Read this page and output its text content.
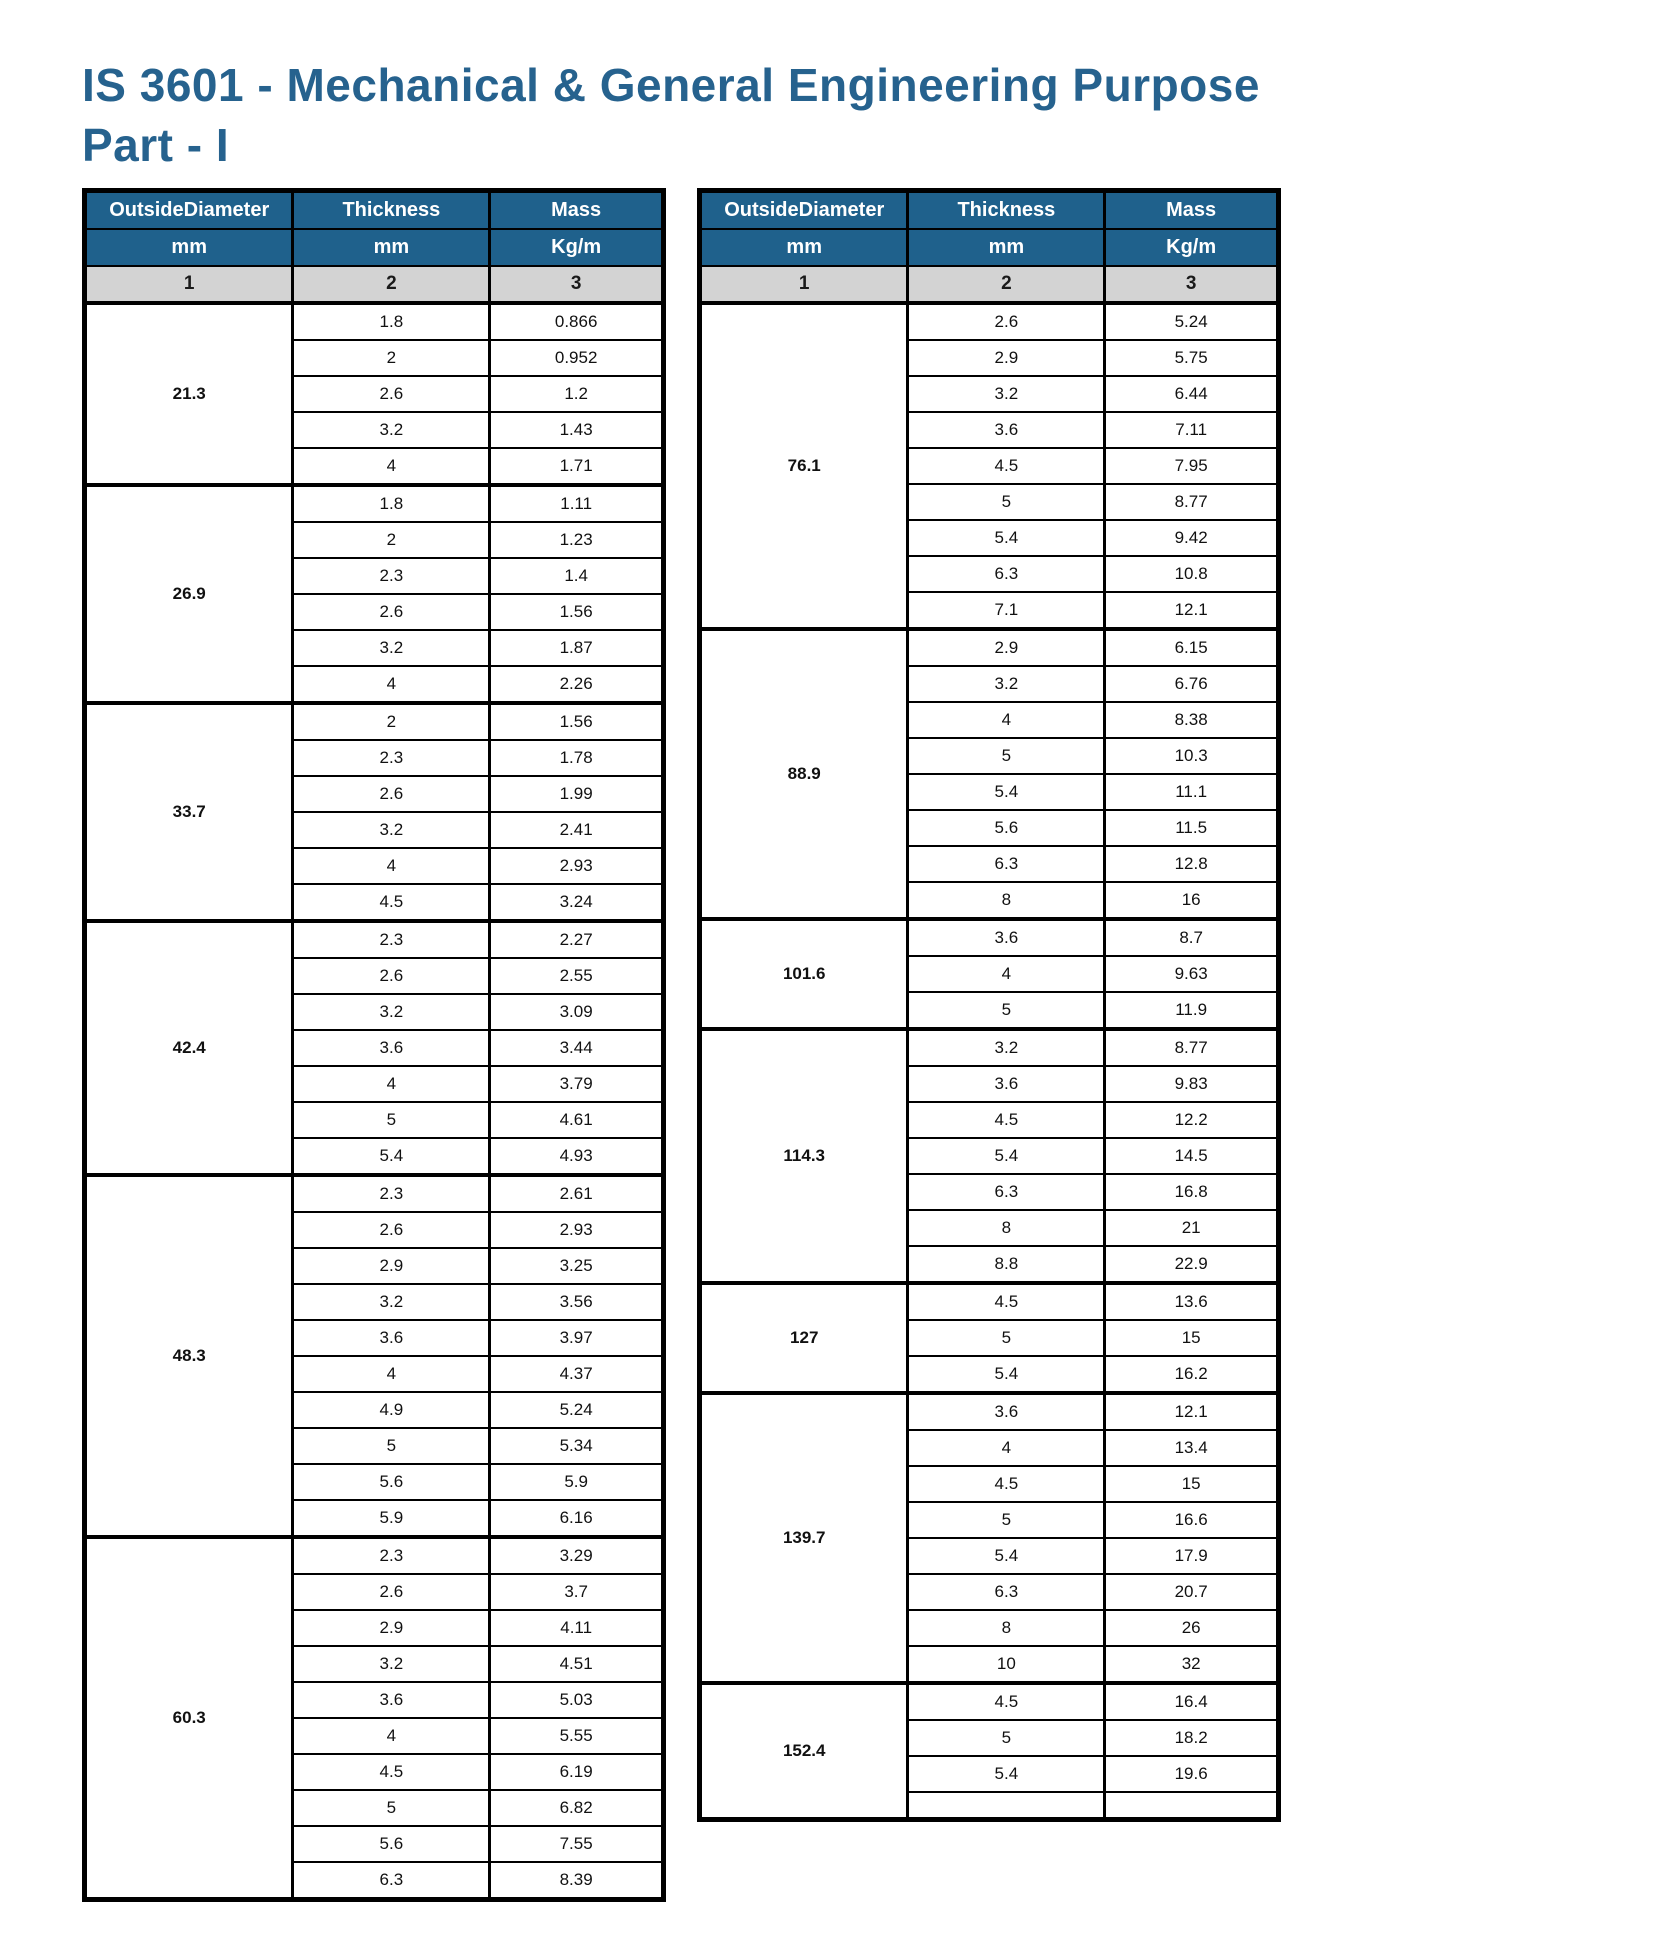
IS 3601 - Mechanical & General Engineering Purpose
Part - I
OutsideDiameter	Thickness	Mass
mm	mm	Kg/m
1	2	3
21.3	1.8	0.866
	2	0.952
	2.6	1.2
	3.2	1.43
	4	1.71
26.9	1.8	1.11
	2	1.23
	2.3	1.4
	2.6	1.56
	3.2	1.87
	4	2.26
33.7	2	1.56
	2.3	1.78
	2.6	1.99
	3.2	2.41
	4	2.93
	4.5	3.24
42.4	2.3	2.27
	2.6	2.55
	3.2	3.09
	3.6	3.44
	4	3.79
	5	4.61
	5.4	4.93
48.3	2.3	2.61
	2.6	2.93
	2.9	3.25
	3.2	3.56
	3.6	3.97
	4	4.37
	4.9	5.24
	5	5.34
	5.6	5.9
	5.9	6.16
60.3	2.3	3.29
	2.6	3.7
	2.9	4.11
	3.2	4.51
	3.6	5.03
	4	5.55
	4.5	6.19
	5	6.82
	5.6	7.55
	6.3	8.39
OutsideDiameter	Thickness	Mass
mm	mm	Kg/m
1	2	3
76.1	2.6	5.24
	2.9	5.75
	3.2	6.44
	3.6	7.11
	4.5	7.95
	5	8.77
	5.4	9.42
	6.3	10.8
	7.1	12.1
88.9	2.9	6.15
	3.2	6.76
	4	8.38
	5	10.3
	5.4	11.1
	5.6	11.5
	6.3	12.8
	8	16
101.6	3.6	8.7
	4	9.63
	5	11.9
114.3	3.2	8.77
	3.6	9.83
	4.5	12.2
	5.4	14.5
	6.3	16.8
	8	21
	8.8	22.9
127	4.5	13.6
	5	15
	5.4	16.2
139.7	3.6	12.1
	4	13.4
	4.5	15
	5	16.6
	5.4	17.9
	6.3	20.7
	8	26
	10	32
152.4	4.5	16.4
	5	18.2
	5.4	19.6
